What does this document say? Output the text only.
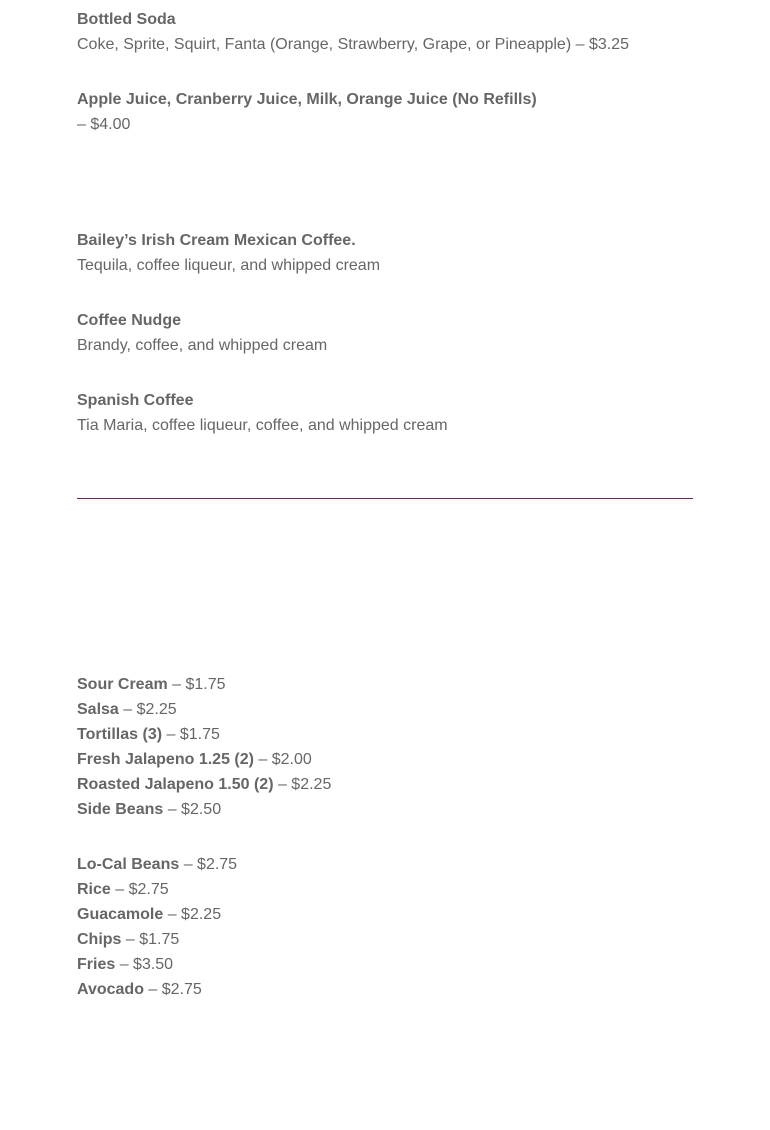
Bottled Soda
Coke, Sprite, Squirt, Fanta (Orange, Strawberry, Grape, or Pineapple) – $3.25
Apple Juice, Cranberry Juice, Milk, Orange Juice (No Refills)
– $4.00
Bailey’s Irish Cream Mexican Coffee.
Tequila, coffee liqueur, and whipped cream
Coffee Nudge
Brandy, coffee, and whipped cream
Spanish Coffee
Tia Maria, coffee liqueur, coffee, and whipped cream
Sour Cream – $1.75
Salsa – $2.25
Tortillas (3) – $1.75
Fresh Jalapeno 1.25 (2) – $2.00
Roasted Jalapeno 1.50 (2) – $2.25
Side Beans – $2.50
Lo-Cal Beans – $2.75
Rice – $2.75
Guacamole – $2.25
Chips – $1.75
Fries – $3.50
Avocado – $2.75
